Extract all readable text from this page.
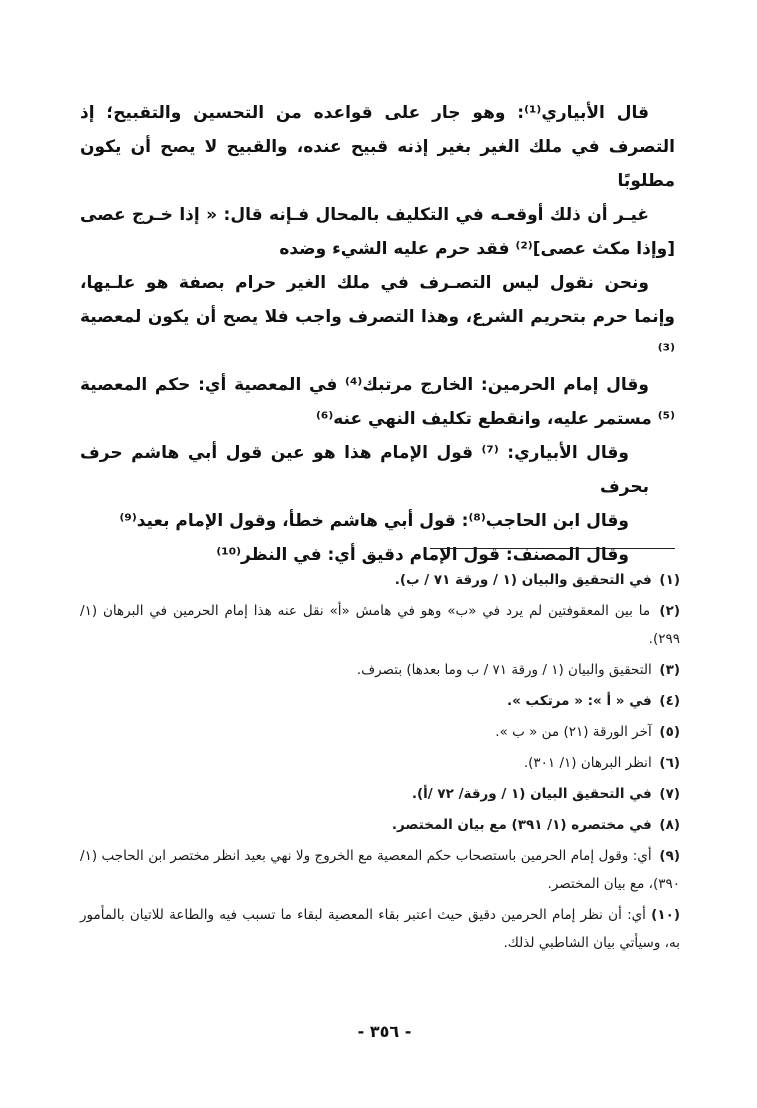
قال الأبياري⁽¹⁾: وهو جار على قواعده من التحسين والتقبيح؛ إذ التصرف في ملك الغير بغير إذنه قبيح عنده، والقبيح لا يصح أن يكون مطلوبًا

غيـر أن ذلك أوقعـه في التكليف بالمحال فـإنه قال: « إذا خـرج عصى [وإذا مكث عصى]⁽²⁾ فقد حرم عليه الشيء وضده

ونحن نقول ليس التصـرف في ملك الغير حرام بصفة هو علـيها، وإنما حرم بتحريم الشرع، وهذا التصرف واجب فلا يصح أن يكون لمعصية ⁽³⁾

وقال إمام الحرمين: الخارج مرتبك⁽⁴⁾ في المعصية أي: حكم المعصية ⁽⁵⁾ مستمر عليه، وانقطع تكليف النهي عنه⁽⁶⁾

وقال الأبياري: ⁽⁷⁾ قول الإمام هذا هو عين قول أبي هاشم حرف بحرف

وقال ابن الحاجب⁽⁸⁾: قول أبي هاشم خطأ، وقول الإمام بعيد⁽⁹⁾

وقال المصنف: قول الإمام دقيق أي: في النظر⁽¹⁰⁾

(١) في التحقيق والبيان (١ / ورقة ٧١ / ب).

(٢) ما بين المعقوفتين لم يرد في «ب» وهو في هامش «أ» نقل عنه هذا إمام الحرمين في البرهان (١/ ٢٩٩).

(٣) التحقيق والبيان (١ / ورقة ٧١ / ب وما بعدها) بتصرف.

(٤) في « أ »: « مرتكب ».

(٥) آخر الورقة (٢١) من « ب ».

(٦) انظر البرهان (١/ ٣٠١).

(٧) في التحقيق البيان (١ / ورقة/ ٧٢ /أ).

(٨) في مختصره (١/ ٣٩١) مع بيان المختصر.

(٩) أي: وقول إمام الحرمين باستصحاب حكم المعصية مع الخروج ولا نهي بعيد انظر مختصر ابن الحاجب (١/ ٣٩٠)، مع بيان المختصر.

(١٠) أي: أن نظر إمام الحرمين دقيق حيث اعتبر بقاء المعصية لبقاء ما تسبب فيه والطاعة للاتيان بالمأمور به، وسيأتي بيان الشاطبي لذلك.

- ٣٥٦ -
